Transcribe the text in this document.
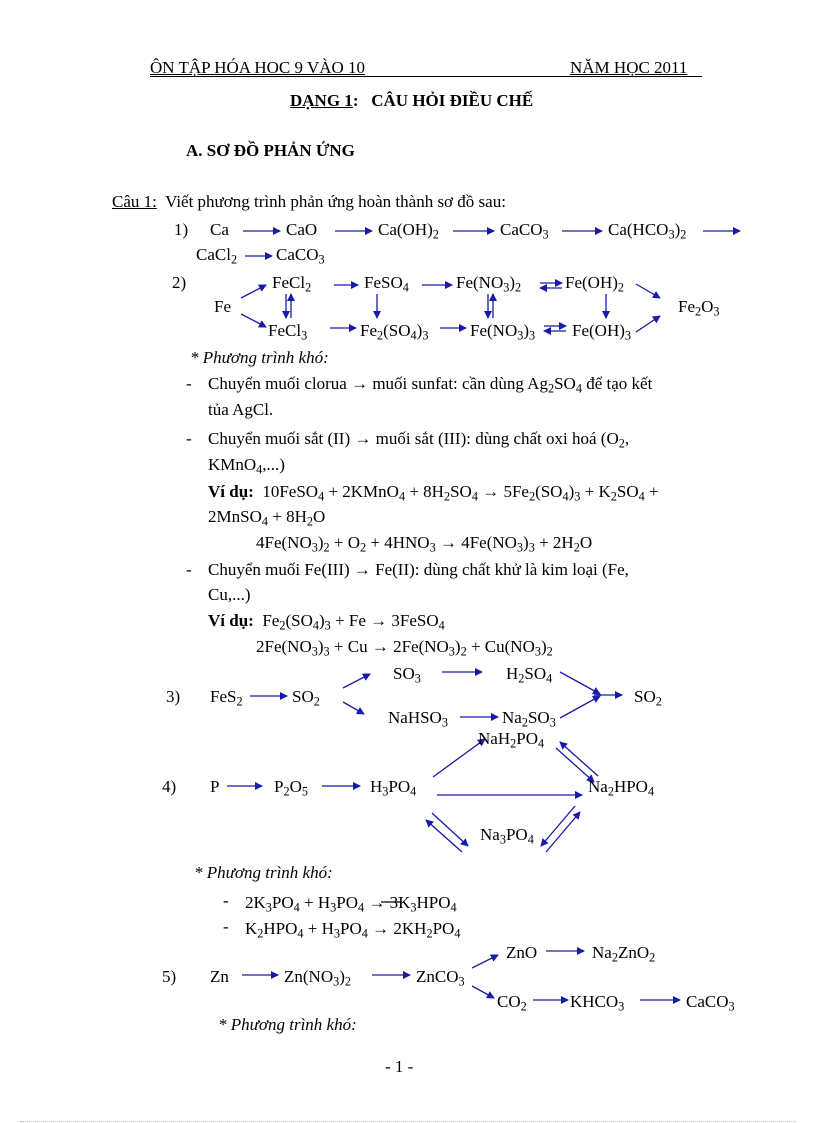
ÔN TẬP HÓA HOC 9 VÀO 10	NĂM HỌC 2011
DẠNG 1:   CÂU HỎI ĐIỀU CHẾ
A. SƠ ĐỒ PHẢN ỨNG
Câu 1: Viết phương trình phản ứng hoàn thành sơ đồ sau:
1) Ca	CaO	$Ca(OH)_2$	CaCO$_3$	$Ca(HCO_3)_2$
CaCl$_2$ CaCO$_3$
2)
Fe
FeCl$_2$	FeSO$_4$	$Fe(NO_3)_2$	$Fe(OH)_2$
$Fe_2O_3$
FeCl$_3$	$Fe_2(SO_4)_3$ $Fe(NO_3)_3$ $Fe(OH)_3$
* Phương trình khó:
- Chuyển muối clorua → muối sunfat: cần dùng $Ag_2SO_4$ để tạo kết
tủa AgCl.
- Chuyển muối sắt (II) → muối sắt (III): dùng chất oxi hoá ($O_2$,
KMnO$_4$,...)
Ví dụ:  10FeSO$_4$ + 2KMnO$_4$ + $8H_2SO_4 \to 5Fe_2(SO_4)_3 + K_2SO_4$ +
2MnSO$_4$ + $8H_2O$
$4Fe(NO_3)_2 + O_2 + 4HNO_3 \to 4Fe(NO_3)_3 + 2H_2O$
- Chuyển muối Fe(III) → Fe(II): dùng chất khử là kim loại (Fe,
Cu,...)
Ví dụ:  $Fe_2(SO_4)_3 + Fe$ → 3FeSO$_4$
$2Fe(NO_3)_3 + Cu \to 2Fe(NO_3)_2 + Cu(NO_3)_2$
3) FeS$_2$	$SO_2$
$SO_3$	$H_2SO_4$
NaHSO$_3$	$Na_2SO_3$
$SO_2$
4) P	$P_2O_5$	$H_3PO_4$
$NaH_2PO_4$
$Na_2HPO_4$
$Na_3PO_4$
* Phương trình khó:
- $2K_3PO_4 + H_3PO_4 \to 3K_3HPO_4$
- $K_2HPO_4 + H_3PO_4 \to 2KH_2PO_4$
5) Zn	$Zn(NO_3)_2$	ZnCO$_3$
ZnO	$Na_2ZnO_2$
$CO_2$	$KHCO_3$	CaCO$_3$
* Phương trình khó:
- 1 -
